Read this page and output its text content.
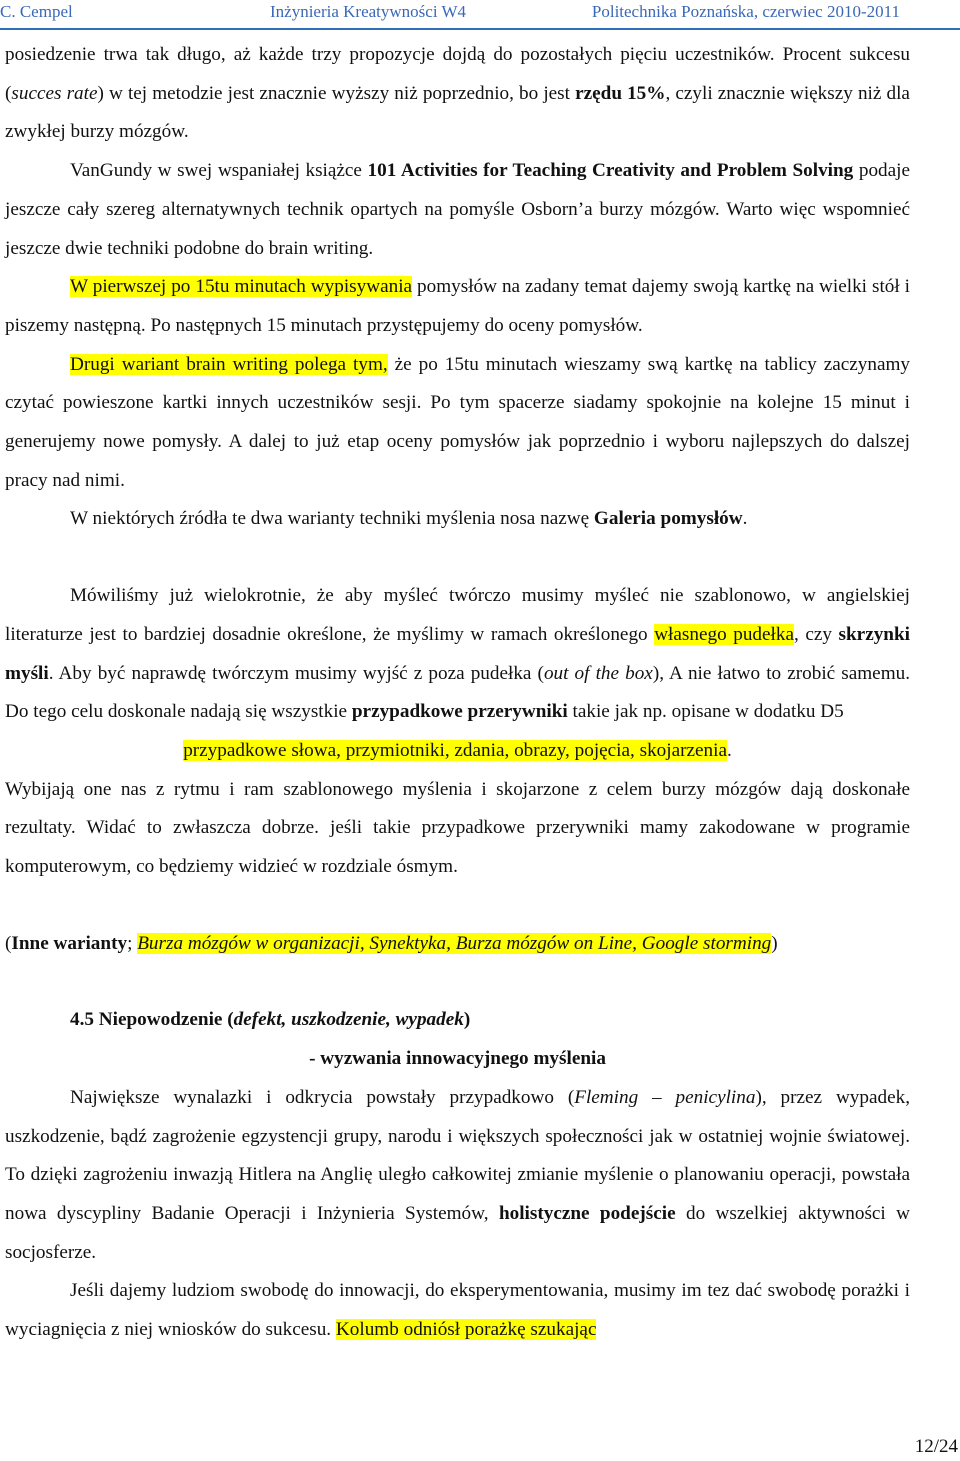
C. Cempel	Inżynieria Kreatywności W4	Politechnika Poznańska, czerwiec 2010-2011

posiedzenie trwa tak długo, aż każde trzy propozycje dojdą do pozostałych pięciu uczestników. Procent sukcesu (succes rate) w tej metodzie jest znacznie wyższy niż poprzednio, bo jest rzędu 15%, czyli znacznie większy niż dla zwykłej burzy mózgów.

VanGundy w swej wspaniałej książce 101 Activities for Teaching Creativity and Problem Solving podaje jeszcze cały szereg alternatywnych technik opartych na pomyśle Osborn’a burzy mózgów. Warto więc wspomnieć jeszcze dwie techniki podobne do brain writing.

W pierwszej po 15tu minutach wypisywania pomysłów na zadany temat dajemy swoją kartkę na wielki stół i piszemy następną. Po następnych 15 minutach przystępujemy do oceny pomysłów.

Drugi wariant brain writing polega tym, że po 15tu minutach wieszamy swą kartkę na tablicy zaczynamy czytać powieszone kartki innych uczestników sesji. Po tym spacerze siadamy spokojnie na kolejne 15 minut i generujemy nowe pomysły. A dalej to już etap oceny pomysłów jak poprzednio i wyboru najlepszych do dalszej pracy nad nimi.

W niektórych źródła te dwa warianty techniki myślenia nosa nazwę Galeria pomysłów.

Mówiliśmy już wielokrotnie, że aby myśleć twórczo musimy myśleć nie szablonowo, w angielskiej literaturze jest to bardziej dosadnie określone, że myślimy w ramach określonego własnego pudełka, czy skrzynki myśli. Aby być naprawdę twórczym musimy wyjść z poza pudełka (out of the box), A nie łatwo to zrobić samemu. Do tego celu doskonale nadają się wszystkie przypadkowe przerywniki takie jak np. opisane w dodatku D5

przypadkowe słowa, przymiotniki, zdania, obrazy, pojęcia, skojarzenia.

Wybijają one nas z rytmu i ram szablonowego myślenia i skojarzone z celem burzy mózgów dają doskonałe rezultaty. Widać to zwłaszcza dobrze. jeśli takie przypadkowe przerywniki mamy zakodowane w programie komputerowym, co będziemy widzieć w rozdziale ósmym.

(Inne warianty; Burza mózgów w organizacji, Synektyka, Burza mózgów on Line, Google storming)

4.5 Niepowodzenie (defekt, uszkodzenie, wypadek)

- wyzwania innowacyjnego myślenia

Największe wynalazki i odkrycia powstały przypadkowo (Fleming – penicylina), przez wypadek, uszkodzenie, bądź zagrożenie egzystencji grupy, narodu i większych społeczności jak w ostatniej wojnie światowej. To dzięki zagrożeniu inwazją Hitlera na Anglię uległo całkowitej zmianie myślenie o planowaniu operacji, powstała nowa dyscypliny Badanie Operacji i Inżynieria Systemów, holistyczne podejście do wszelkiej aktywności w socjosferze.

Jeśli dajemy ludziom swobodę do innowacji, do eksperymentowania, musimy im tez dać swobodę porażki i wyciagnięcia z niej wniosków do sukcesu. Kolumb odniósł porażkę szukając

12/24
